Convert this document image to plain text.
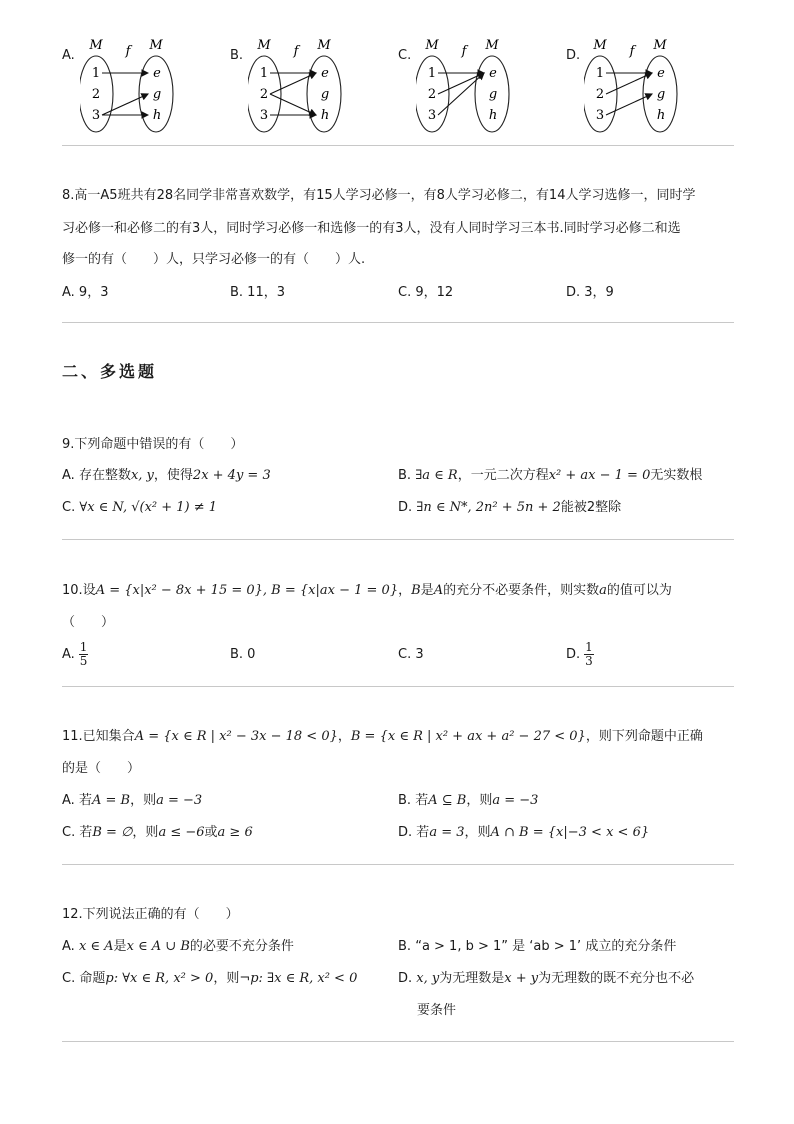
A.
M f M
1
2
3
e
g
h
B.
M f M
1
2
3
e
g
h
C.
M f M
1
2
3
e
g
h
D.
M f M
1
2
3
e
g
h
8.高一A5班共有28名同学非常喜欢数学，有15人学习必修一，有8人学习必修二，有14人学习选修一，同时学
习必修一和必修二的有3人，同时学习必修一和选修一的有3人，没有人同时学习三本书.同时学习必修二和选
修一的有（　　）人，只学习必修一的有（　　）人.
A. 9，3	B. 11，3	C. 9，12	D. 3，9
二、多选题
9.下列命题中错误的有（　　）
A. 存在整数x, y，使得2x + 4y = 3	B. ∃a ∈ R，一元二次方程x² + ax − 1 = 0无实数根
C. ∀x ∈ N, √(x² + 1) ≠ 1	D. ∃n ∈ N*, 2n² + 5n + 2能被2整除
10.设A = {x|x² − 8x + 15 = 0}, B = {x|ax − 1 = 0}，B是A的充分不必要条件，则实数a的值可以为
（　　）
A. $\frac{1}{5}$	B. 0	C. 3	D. $\frac{1}{3}$
11.已知集合A = {x ∈ R | x² − 3x − 18 < 0}，B = {x ∈ R | x² + ax + a² − 27 < 0}，则下列命题中正确
的是（　　）
A. 若A = B，则a = −3	B. 若A ⊆ B，则a = −3
C. 若B = ∅，则a ≤ −6或a ≥ 6	D. 若a = 3，则A ∩ B = {x|−3 < x < 6}
12.下列说法正确的有（　　）
A. x ∈ A是x ∈ A ∪ B的必要不充分条件	B. “a > 1, b > 1” 是 ‘ab > 1’ 成立的充分条件
C. 命题p: ∀x ∈ R, x² > 0，则¬p: ∃x ∈ R, x² < 0	D. x, y为无理数是x + y为无理数的既不充分也不必
要条件
